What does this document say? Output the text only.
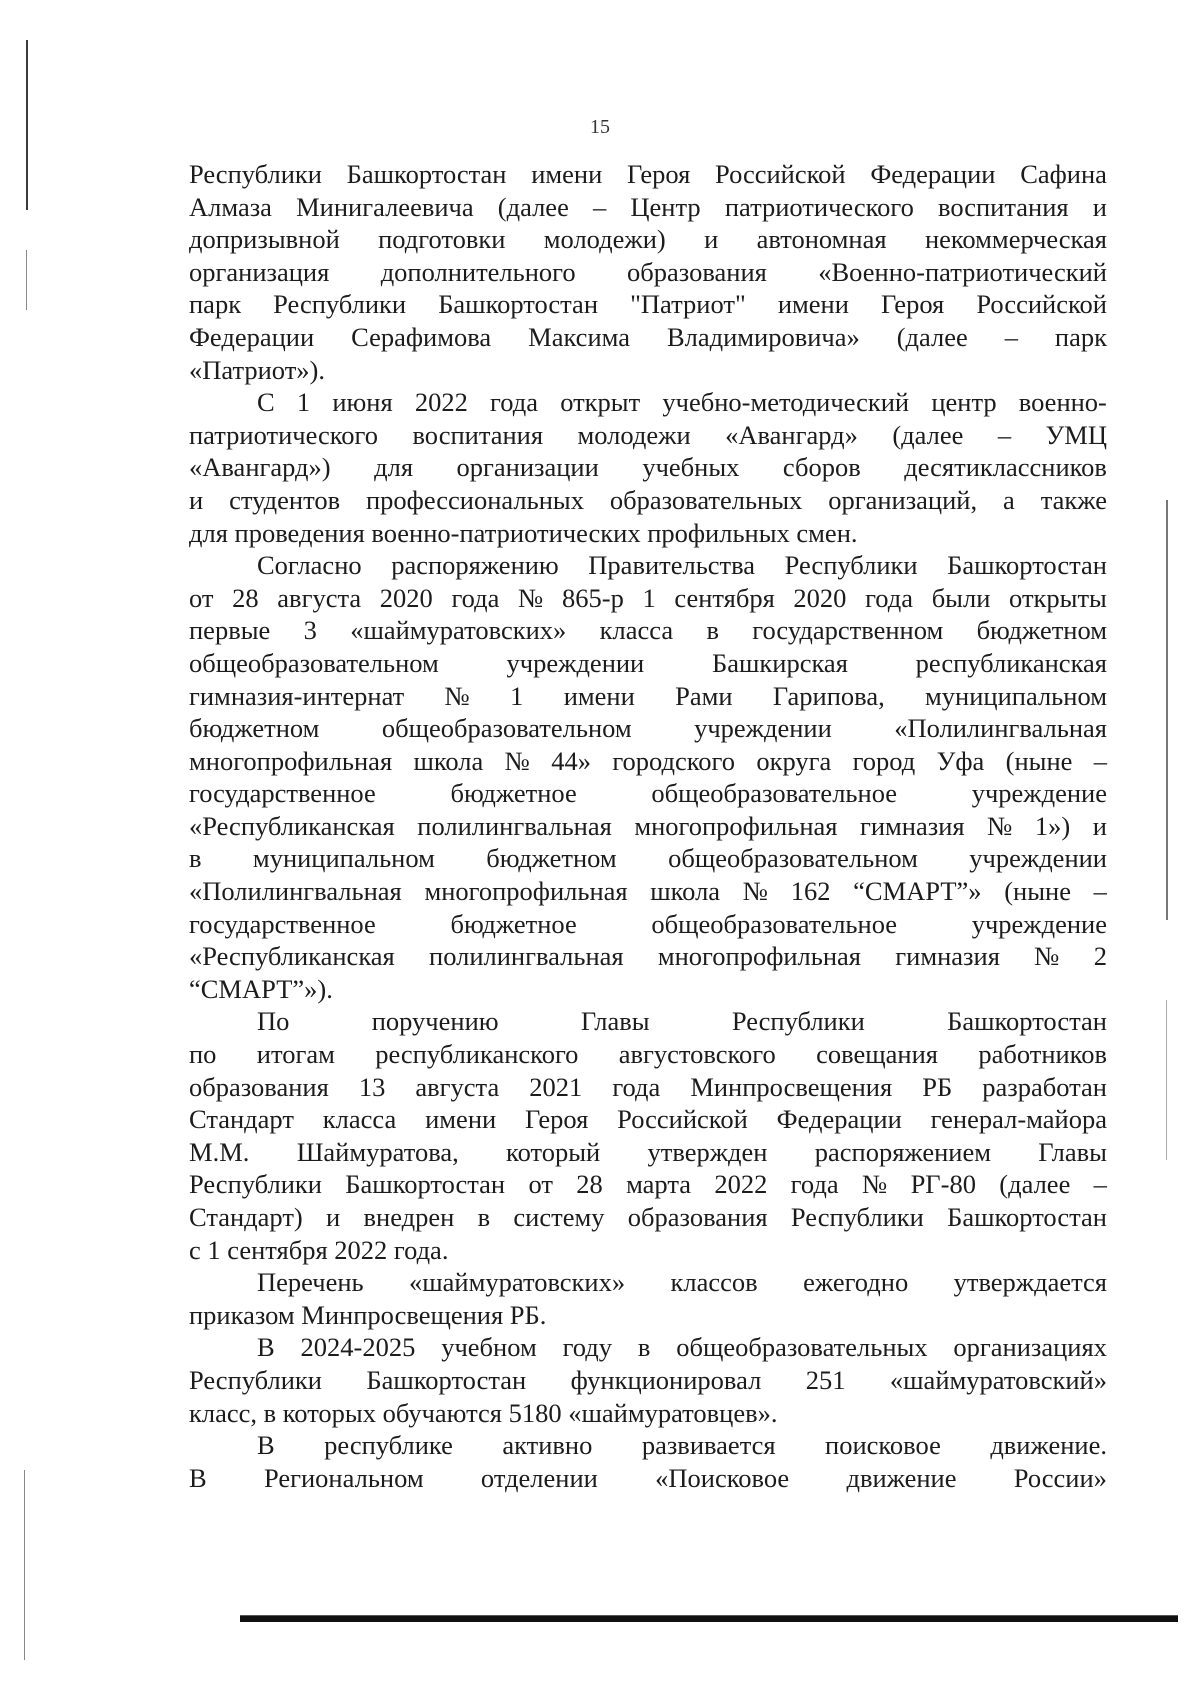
15
Республики Башкортостан имени Героя Российской Федерации Сафина
Алмаза Минигалеевича (далее – Центр патриотического воспитания и
допризывной подготовки молодежи) и автономная некоммерческая
организация дополнительного образования «Военно-патриотический
парк Республики Башкортостан "Патриот" имени Героя Российской
Федерации Серафимова Максима Владимировича» (далее – парк
«Патриот»).
С 1 июня 2022 года открыт учебно-методический центр военно-
патриотического воспитания молодежи «Авангард» (далее – УМЦ
«Авангард») для организации учебных сборов десятиклассников
и студентов профессиональных образовательных организаций, а также
для проведения военно-патриотических профильных смен.
Согласно распоряжению Правительства Республики Башкортостан
от 28 августа 2020 года № 865-р 1 сентября 2020 года были открыты
первые 3 «шаймуратовских» класса в государственном бюджетном
общеобразовательном	учреждении	Башкирская	республиканская
гимназия-интернат № 1 имени Рами Гарипова, муниципальном
бюджетном общеобразовательном учреждении «Полилингвальная
многопрофильная школа № 44» городского округа город Уфа (ныне –
государственное	бюджетное	общеобразовательное	учреждение
«Республиканская полилингвальная многопрофильная гимназия № 1») и
в муниципальном бюджетном общеобразовательном учреждении
«Полилингвальная многопрофильная школа № 162 “СМАРТ”» (ныне –
государственное	бюджетное	общеобразовательное	учреждение
«Республиканская полилингвальная многопрофильная гимназия № 2
“СМАРТ”»).
По	поручению	Главы	Республики	Башкортостан
по итогам республиканского августовского совещания работников
образования 13 августа 2021 года Минпросвещения РБ разработан
Стандарт класса имени Героя Российской Федерации генерал-майора
М.М. Шаймуратова, который утвержден распоряжением Главы
Республики Башкортостан от 28 марта 2022 года № РГ-80 (далее –
Стандарт) и внедрен в систему образования Республики Башкортостан
с 1 сентября 2022 года.
Перечень «шаймуратовских» классов ежегодно утверждается
приказом Минпросвещения РБ.
В 2024-2025 учебном году в общеобразовательных организациях
Республики Башкортостан функционировал 251 «шаймуратовский»
класс, в которых обучаются 5180 «шаймуратовцев».
В республике активно развивается поисковое движение.
В Региональном отделении «Поисковое движение России»
